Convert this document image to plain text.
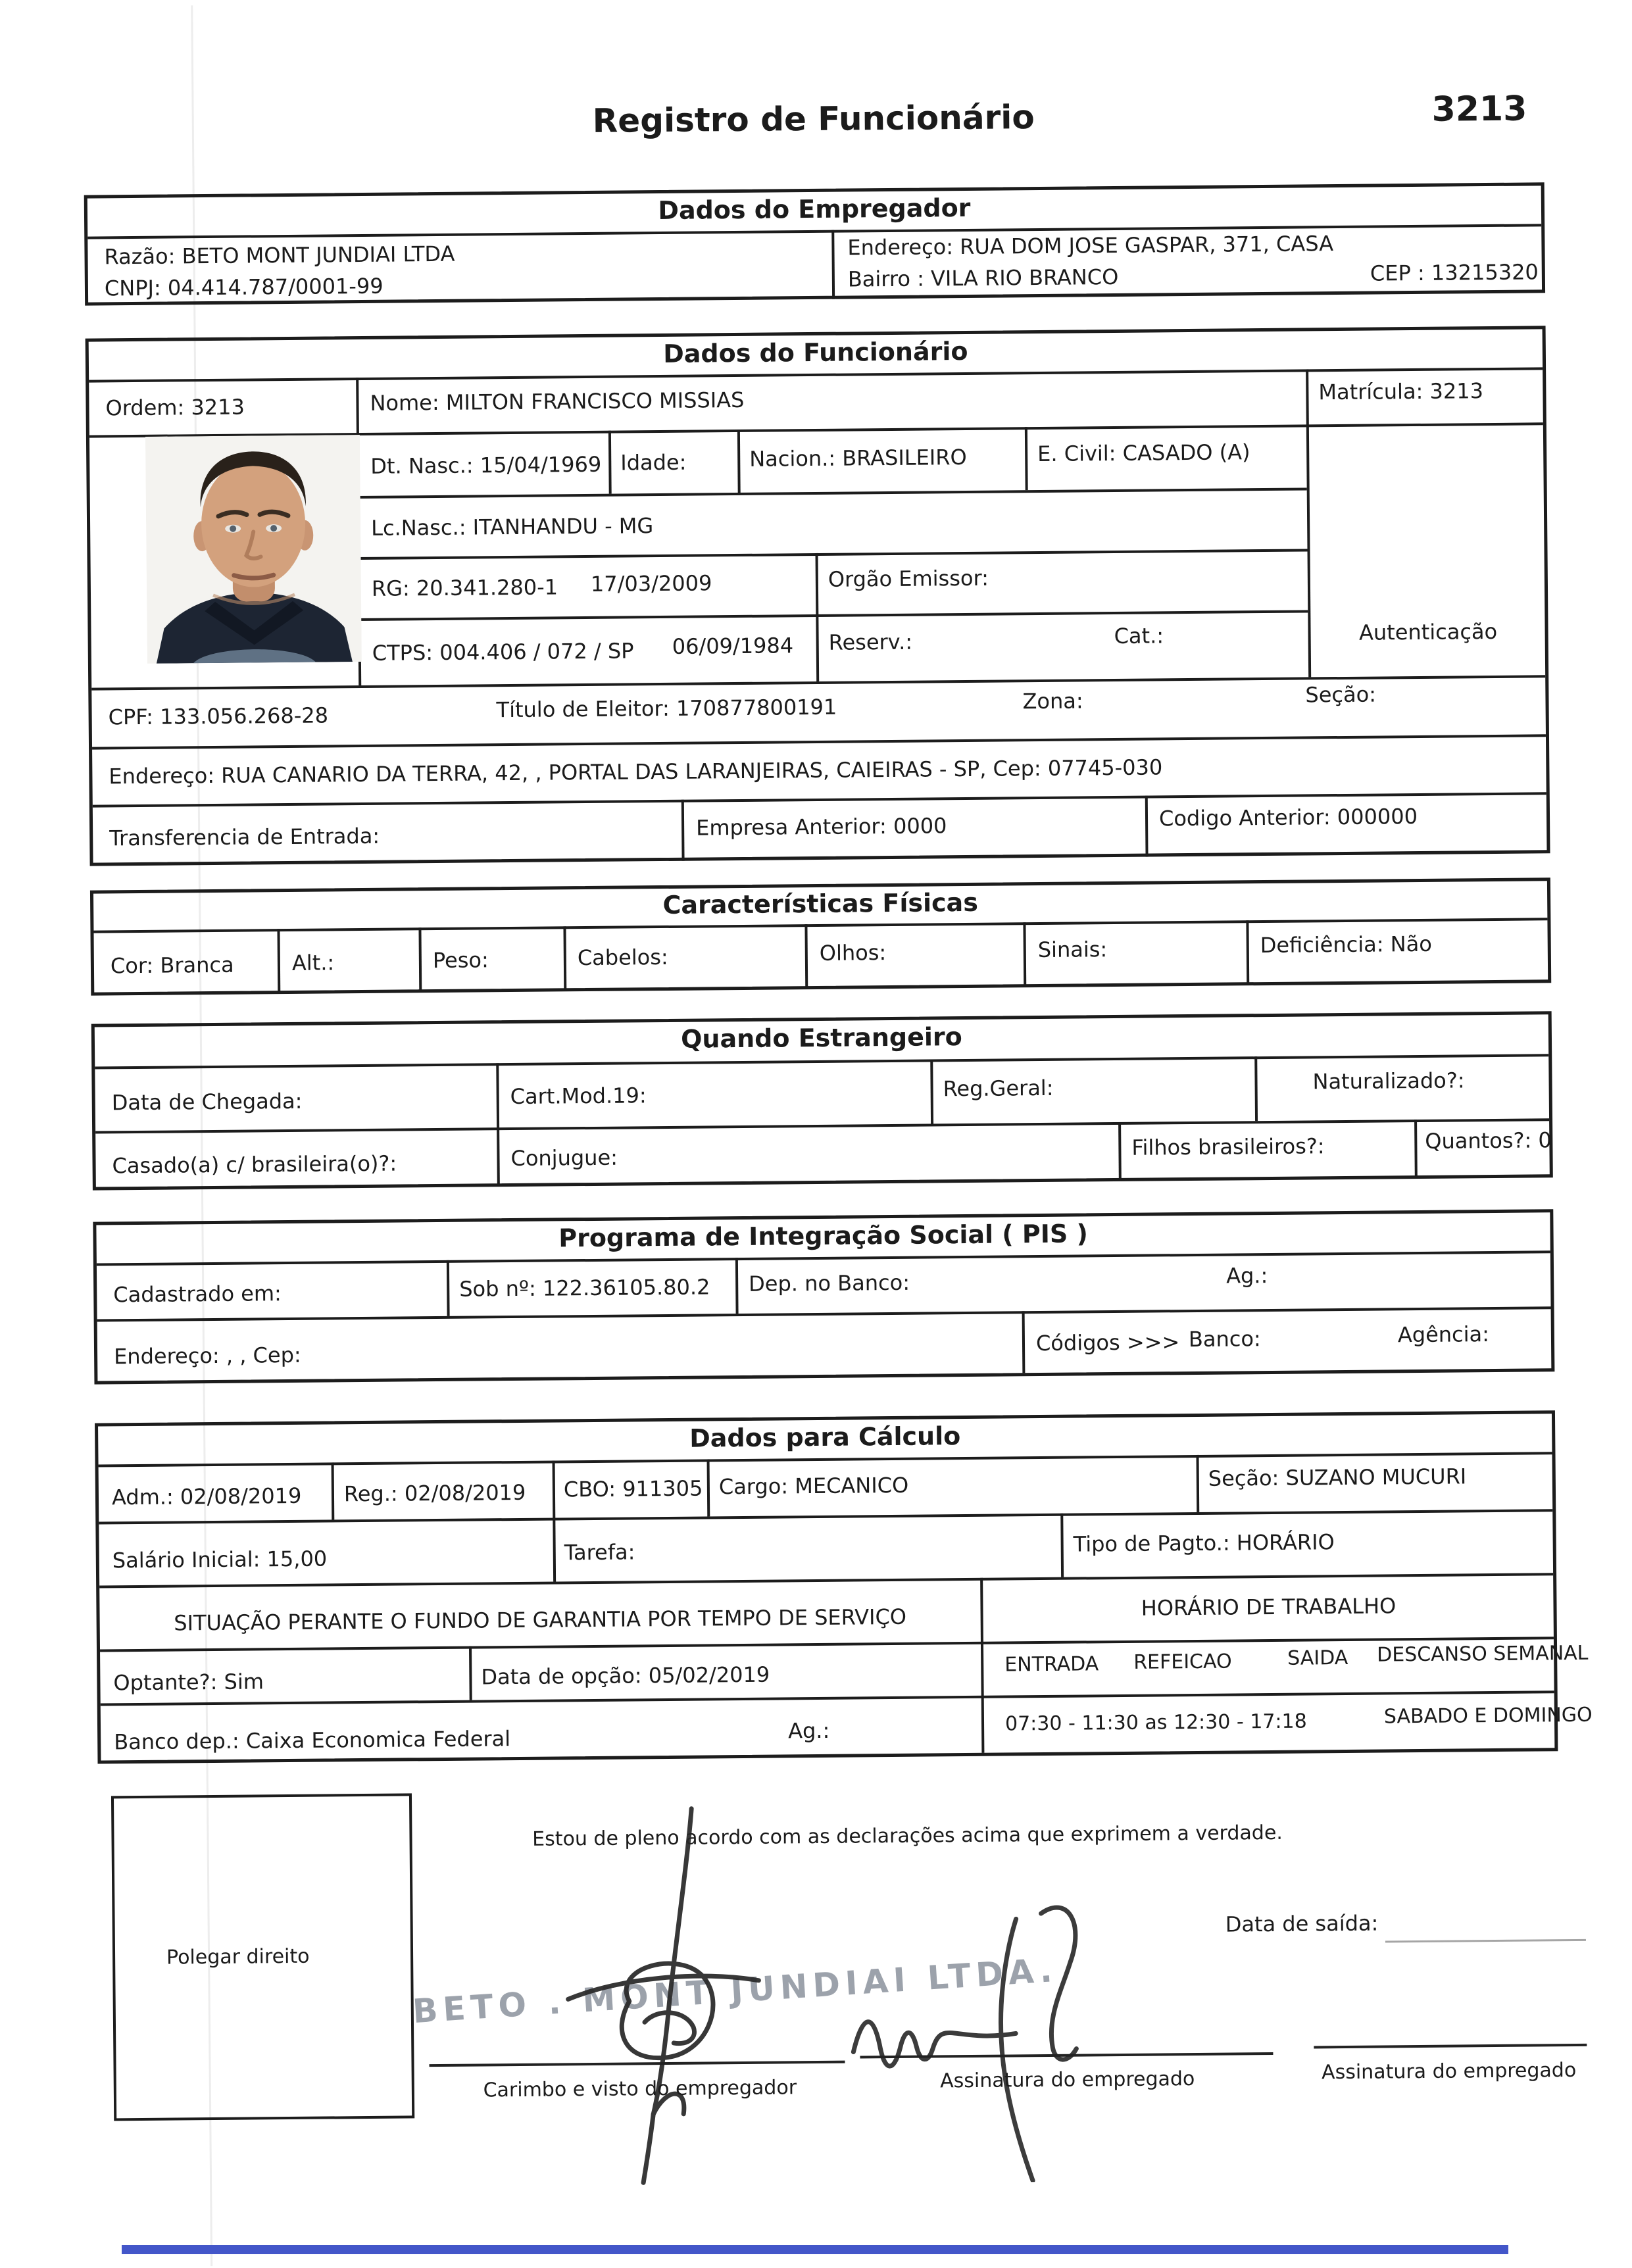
Registro de Funcionário	3213
Dados do Empregador
Razão: BETO MONT JUNDIAI LTDA
CNPJ: 04.414.787/0001-99
Endereço: RUA DOM JOSE GASPAR, 371, CASA
Bairro : VILA RIO BRANCO	CEP : 13215320
Dados do Funcionário
Ordem: 3213	Nome: MILTON FRANCISCO MISSIAS	Matrícula: 3213
Dt. Nasc.: 15/04/1969 Idade:	Nacion.: BRASILEIRO	E. Civil: CASADO (A)
Lc.Nasc.: ITANHANDU - MG
RG: 20.341.280-1 17/03/2009	Orgão Emissor:
CTPS: 004.406 / 072 / SP 06/09/1984 Reserv.:	Cat.:	Autenticação
CPF: 133.056.268-28	Título de Eleitor: 170877800191	Zona:	Seção:
Endereço: RUA CANARIO DA TERRA, 42, , PORTAL DAS LARANJEIRAS, CAIEIRAS - SP, Cep: 07745-030
Transferencia de Entrada:	Empresa Anterior: 0000	Codigo Anterior: 000000
Características Físicas
Cor: Branca	Alt.:	Peso:	Cabelos:	Olhos:	Sinais:	Deficiência: Não
Quando Estrangeiro
Data de Chegada:	Cart.Mod.19:	Reg.Geral:	Naturalizado?:
Casado(a) c/ brasileira(o)?:	Conjugue:	Filhos brasileiros?:	Quantos?: 0
Programa de Integração Social ( PIS )
Cadastrado em:	Sob nº: 122.36105.80.2 Dep. no Banco:	Ag.:
Endereço: , , Cep:	Códigos >>> Banco:	Agência:
Dados para Cálculo
Adm.: 02/08/2019 Reg.: 02/08/2019 CBO: 911305 Cargo: MECANICO	Seção: SUZANO MUCURI
Salário Inicial: 15,00	Tarefa:	Tipo de Pagto.: HORÁRIO
SITUAÇÃO PERANTE O FUNDO DE GARANTIA POR TEMPO DE SERVIÇO	HORÁRIO DE TRABALHO
Optante?: Sim	Data de opção: 05/02/2019	ENTRADA REFEICAO	SAIDA DESCANSO SEMANAL
Banco dep.: Caixa Economica Federal	Ag.:	07:30 - 11:30 as 12:30 - 17:18	SABADO E DOMINGO
Polegar direito
Estou de pleno acordo com as declarações acima que exprimem a verdade.
Data de saída:
BETO . MONT JUNDIAI LTDA.
Carimbo e visto do empregador	Assinatura do empregado	Assinatura do empregado
